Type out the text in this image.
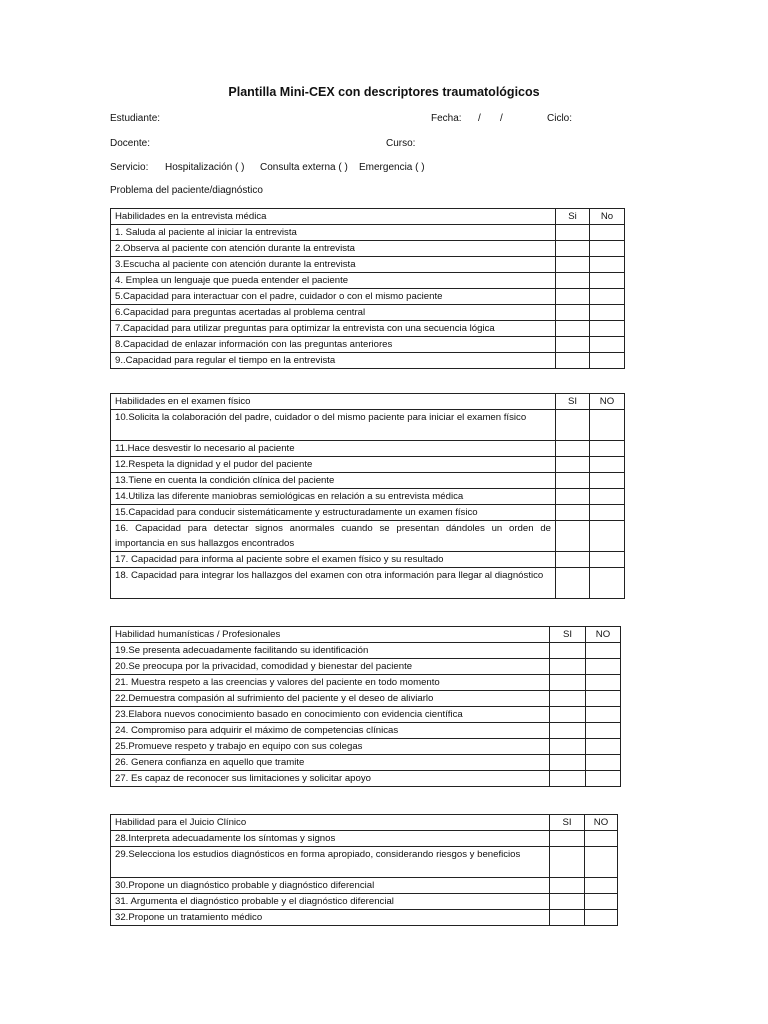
Plantilla Mini-CEX con descriptores traumatológicos
Estudiante:	Fecha: / /	Ciclo:
Docente:	Curso:
Servicio: Hospitalización ( ) Consulta externa ( ) Emergencia ( )
Problema del paciente/diagnóstico
Habilidades en la entrevista médica	Si	No
1. Saluda al paciente al iniciar la entrevista		
2.Observa al paciente con atención durante la entrevista		
3.Escucha al paciente con atención durante la entrevista		
4. Emplea un lenguaje que pueda entender el paciente		
5.Capacidad para interactuar con el padre, cuidador o con el mismo paciente		
6.Capacidad para preguntas acertadas al problema central		
7.Capacidad para utilizar preguntas para optimizar la entrevista con una secuencia lógica		
8.Capacidad de enlazar información con las preguntas anteriores		
9..Capacidad para regular el tiempo en la entrevista		
Habilidades en el examen físico	SI	NO
10.Solicita la colaboración del padre, cuidador o del mismo paciente para iniciar el examen físico		
11.Hace desvestir lo necesario al paciente		
12.Respeta la dignidad y el pudor del paciente		
13.Tiene en cuenta la condición clínica del paciente		
14.Utiliza las diferente maniobras semiológicas en relación a su entrevista médica		
15.Capacidad para conducir sistemáticamente y estructuradamente un examen físico		
16. Capacidad para detectar signos anormales cuando se presentan dándoles un orden de importancia en sus hallazgos encontrados		
17. Capacidad para informa al paciente sobre el examen físico y su resultado		
18. Capacidad para integrar los hallazgos del examen con otra información para llegar al diagnóstico		
Habilidad humanísticas / Profesionales	SI	NO
19.Se presenta adecuadamente facilitando su identificación		
20.Se preocupa por la privacidad, comodidad y bienestar del paciente		
21. Muestra respeto a las creencias y valores del paciente en todo momento		
22.Demuestra compasión al sufrimiento del paciente y el deseo de aliviarlo		
23.Elabora nuevos conocimiento basado en conocimiento con evidencia científica		
24. Compromiso para adquirir el máximo de competencias clínicas		
25.Promueve respeto y trabajo en equipo con sus colegas		
26. Genera confianza en aquello que tramite		
27. Es capaz de reconocer sus limitaciones y solicitar apoyo		
Habilidad para el Juicio Clínico	SI	NO
28.Interpreta adecuadamente los síntomas y signos		
29.Selecciona los estudios diagnósticos en forma apropiado, considerando riesgos y beneficios		
30.Propone un diagnóstico probable y diagnóstico diferencial		
31. Argumenta el diagnóstico probable y el diagnóstico diferencial		
32.Propone un tratamiento médico		
